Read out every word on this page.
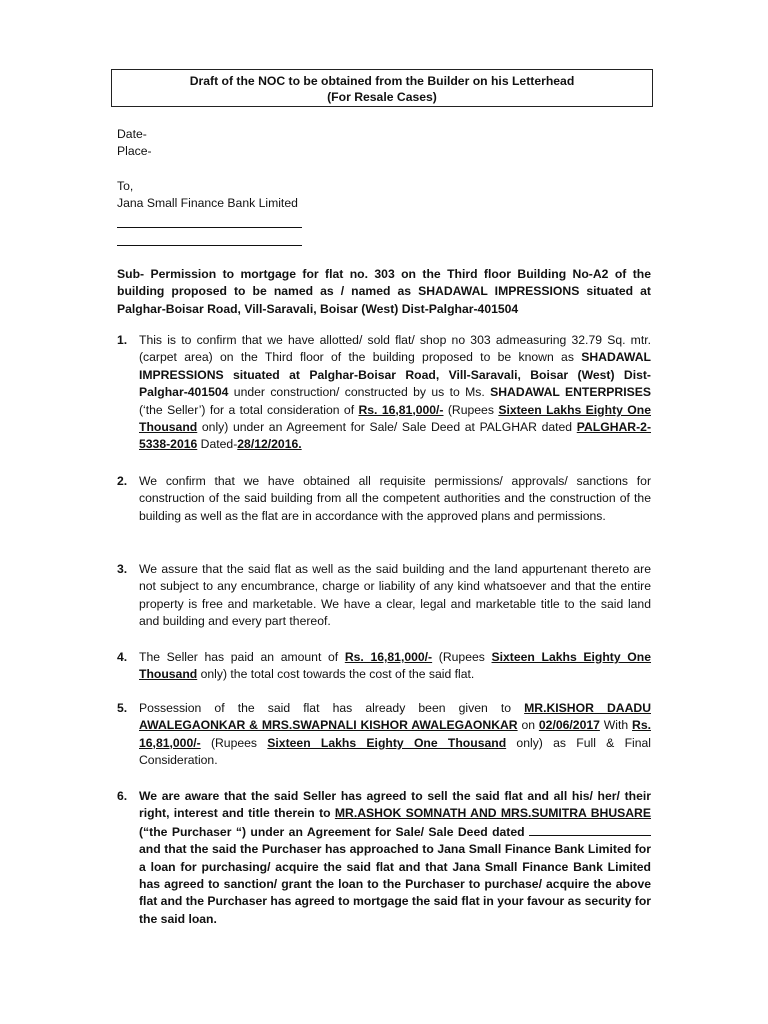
Draft of the NOC to be obtained from the Builder on his Letterhead
(For Resale Cases)
Date-
Place-
To,
Jana Small Finance Bank Limited
Sub- Permission to mortgage for flat no. 303 on the Third floor Building No-A2 of the building proposed to be named as / named as SHADAWAL IMPRESSIONS situated at Palghar-Boisar Road, Vill-Saravali, Boisar (West) Dist-Palghar-401504
1. This is to confirm that we have allotted/ sold flat/ shop no 303 admeasuring 32.79 Sq. mtr. (carpet area) on the Third floor of the building proposed to be known as SHADAWAL IMPRESSIONS situated at Palghar-Boisar Road, Vill-Saravali, Boisar (West) Dist-Palghar-401504 under construction/ constructed by us to Ms. SHADAWAL ENTERPRISES (‘the Seller’) for a total consideration of Rs. 16,81,000/- (Rupees Sixteen Lakhs Eighty One Thousand only) under an Agreement for Sale/ Sale Deed at PALGHAR dated PALGHAR-2-5338-2016 Dated-28/12/2016.
2. We confirm that we have obtained all requisite permissions/ approvals/ sanctions for construction of the said building from all the competent authorities and the construction of the building as well as the flat are in accordance with the approved plans and permissions.
3. We assure that the said flat as well as the said building and the land appurtenant thereto are not subject to any encumbrance, charge or liability of any kind whatsoever and that the entire property is free and marketable. We have a clear, legal and marketable title to the said land and building and every part thereof.
4. The Seller has paid an amount of Rs. 16,81,000/- (Rupees Sixteen Lakhs Eighty One Thousand only) the total cost towards the cost of the said flat.
5. Possession of the said flat has already been given to MR.KISHOR DAADU AWALEGAONKAR & MRS.SWAPNALI KISHOR AWALEGAONKAR on 02/06/2017 With Rs. 16,81,000/- (Rupees Sixteen Lakhs Eighty One Thousand only) as Full & Final Consideration.
6. We are aware that the said Seller has agreed to sell the said flat and all his/ her/ their right, interest and title therein to MR.ASHOK SOMNATH AND MRS.SUMITRA BHUSARE (“the Purchaser “) under an Agreement for Sale/ Sale Deed dated  and that the said the Purchaser has approached to Jana Small Finance Bank Limited for a loan for purchasing/ acquire the said flat and that Jana Small Finance Bank Limited has agreed to sanction/ grant the loan to the Purchaser to purchase/ acquire the above flat and the Purchaser has agreed to mortgage the said flat in your favour as security for the said loan.
